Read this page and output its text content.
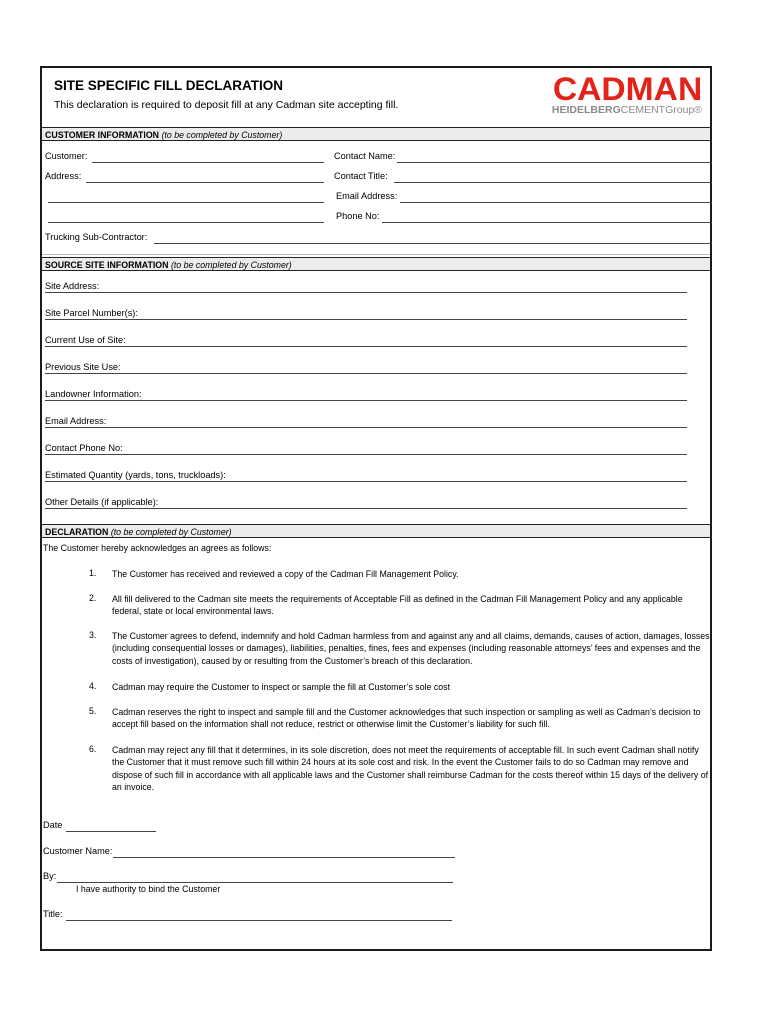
SITE SPECIFIC FILL DECLARATION
This declaration is required to deposit fill at any Cadman site accepting fill.	CADMAN
HEIDELBERGCEMENTGroup®
CUSTOMER INFORMATION (to be completed by Customer)
Customer:
Address:
Contact Name:
Contact Title:
Email Address:
Phone No:
Trucking Sub-Contractor:
SOURCE SITE INFORMATION (to be completed by Customer)
Site Address:
Site Parcel Number(s):
Current Use of Site:
Previous Site Use:
Landowner Information:
Email Address:
Contact Phone No:
Estimated Quantity (yards, tons, truckloads):
Other Details (if applicable):
DECLARATION (to be completed by Customer)
The Customer hereby acknowledges an agrees as follows:
1. The Customer has received and reviewed a copy of the Cadman Fill Management Policy.
2. All fill delivered to the Cadman site meets the requirements of Acceptable Fill as defined in the Cadman Fill Management Policy and any applicable federal, state or local environmental laws.
3. The Customer agrees to defend, indemnify and hold Cadman harmless from and against any and all claims, demands, causes of action, damages, losses (including consequential losses or damages), liabilities, penalties, fines, fees and expenses (including reasonable attorneys’ fees and expenses and the costs of investigation), caused by or resulting from the Customer’s breach of this declaration.
4. Cadman may require the Customer to inspect or sample the fill at Customer’s sole cost
5. Cadman reserves the right to inspect and sample fill and the Customer acknowledges that such inspection or sampling as well as Cadman’s decision to accept fill based on the information shall not reduce, restrict or otherwise limit the Customer’s liability for such fill.
6. Cadman may reject any fill that it determines, in its sole discretion, does not meet the requirements of acceptable fill. In such event Cadman shall notify the Customer that it must remove such fill within 24 hours at its sole cost and risk. In the event the Customer fails to do so Cadman may remove and dispose of such fill in accordance with all applicable laws and the Customer shall reimburse Cadman for the costs thereof within 15 days of the delivery of an invoice.
Date
Customer Name:
By:
I have authority to bind the Customer
Title:
